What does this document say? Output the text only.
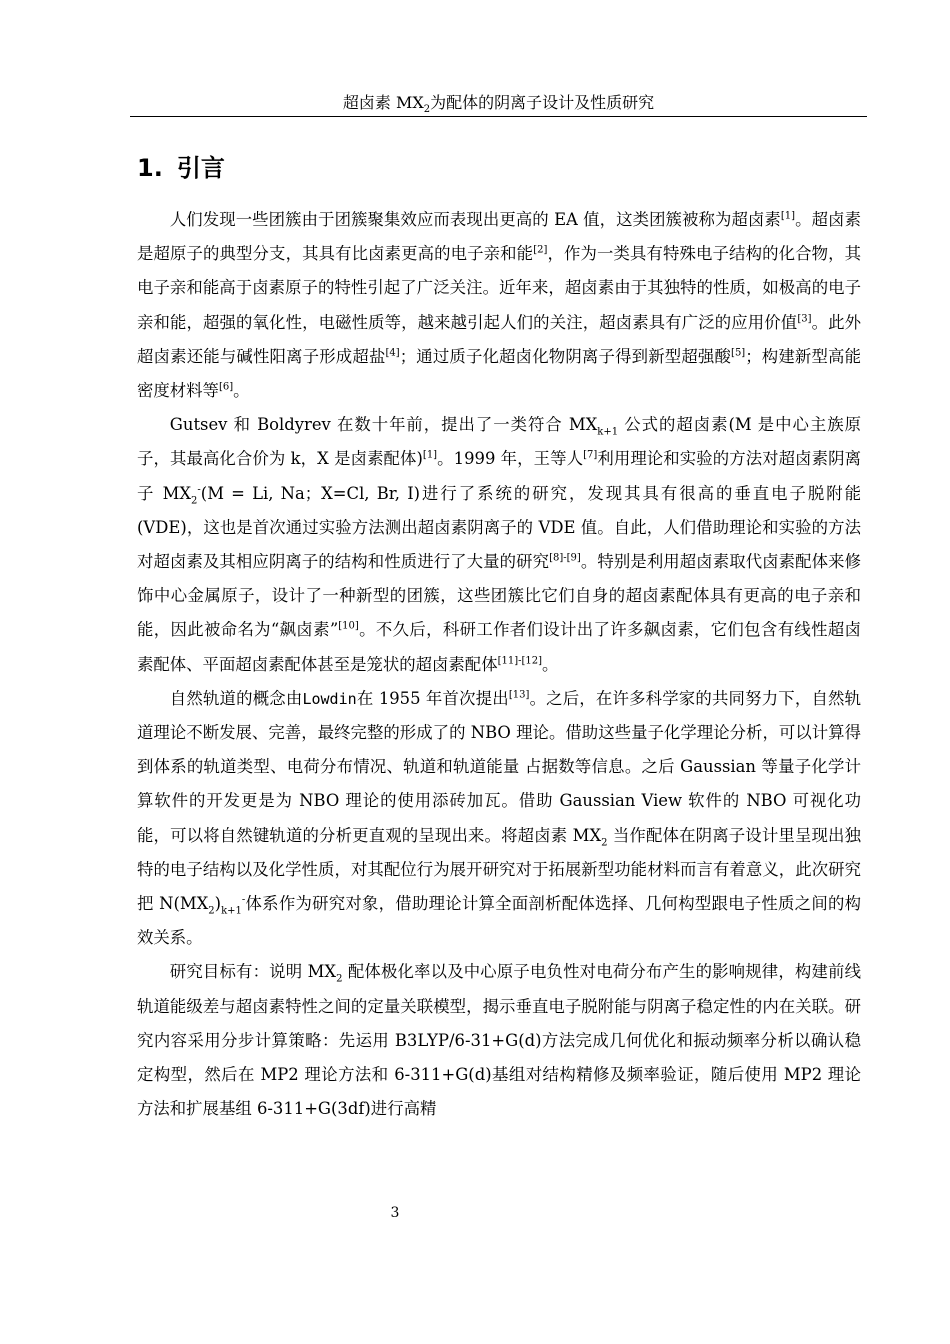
超卤素 $MX_2$为配体的阴离子设计及性质研究
1. 引言

人们发现一些团簇由于团簇聚集效应而表现出更高的 EA 值，这类团簇被称为超卤素[1]。超卤素是超原子的典型分支，其具有比卤素更高的电子亲和能[2]，作为一类具有特殊电子结构的化合物，其电子亲和能高于卤素原子的特性引起了广泛关注。近年来，超卤素由于其独特的性质，如极高的电子亲和能，超强的氧化性，电磁性质等，越来越引起人们的关注，超卤素具有广泛的应用价值[3]。此外超卤素还能与碱性阳离子形成超盐[4]；通过质子化超卤化物阴离子得到新型超强酸[5]；构建新型高能密度材料等[6]。

Gutsev 和 Boldyrev 在数十年前，提出了一类符合 $MX_{k+1}$ 公式的超卤素(M 是中心主族原子，其最高化合价为 k，X 是卤素配体)[1]。1999 年，王等人[7]利用理论和实验的方法对超卤素阴离子 $MX_2^-(M = Li$, Na；X=Cl, Br, I)进行了系统的研究，发现其具有很高的垂直电子脱附能(VDE)，这也是首次通过实验方法测出超卤素阴离子的 VDE 值。自此，人们借助理论和实验的方法对超卤素及其相应阴离子的结构和性质进行了大量的研究[8]-[9]。特别是利用超卤素取代卤素配体来修饰中心金属原子，设计了一种新型的团簇，这些团簇比它们自身的超卤素配体具有更高的电子亲和能，因此被命名为“飙卤素”[10]。不久后，科研工作者们设计出了许多飙卤素，它们包含有线性超卤素配体、平面超卤素配体甚至是笼状的超卤素配体[11]-[12]。

自然轨道的概念由Lowdin在 1955 年首次提出[13]。之后，在许多科学家的共同努力下，自然轨道理论不断发展、完善，最终完整的形成了的 NBO 理论。借助这些量子化学理论分析，可以计算得到体系的轨道类型、电荷分布情况、轨道和轨道能量 占据数等信息。之后 Gaussian 等量子化学计算软件的开发更是为 NBO 理论的使用添砖加瓦。借助 Gaussian View 软件的 NBO 可视化功能，可以将自然键轨道的分析更直观的呈现出来。将超卤素 $MX_2$ 当作配体在阴离子设计里呈现出独特的电子结构以及化学性质，对其配位行为展开研究对于拓展新型功能材料而言有着意义，此次研究把 $N(MX_2)_{k+1}^-$体系作为研究对象，借助理论计算全面剖析配体选择、几何构型跟电子性质之间的构效关系。

研究目标有：说明 $MX_2$ 配体极化率以及中心原子电负性对电荷分布产生的影响规律，构建前线轨道能级差与超卤素特性之间的定量关联模型，揭示垂直电子脱附能与阴离子稳定性的内在关联。研究内容采用分步计算策略：先运用 B3LYP/6-31+G(d)方法完成几何优化和振动频率分析以确认稳定构型，然后在 MP2 理论方法和 6-311+G(d)基组对结构精修及频率验证，随后使用 MP2 理论方法和扩展基组 6-311+G(3df)进行高精

3
